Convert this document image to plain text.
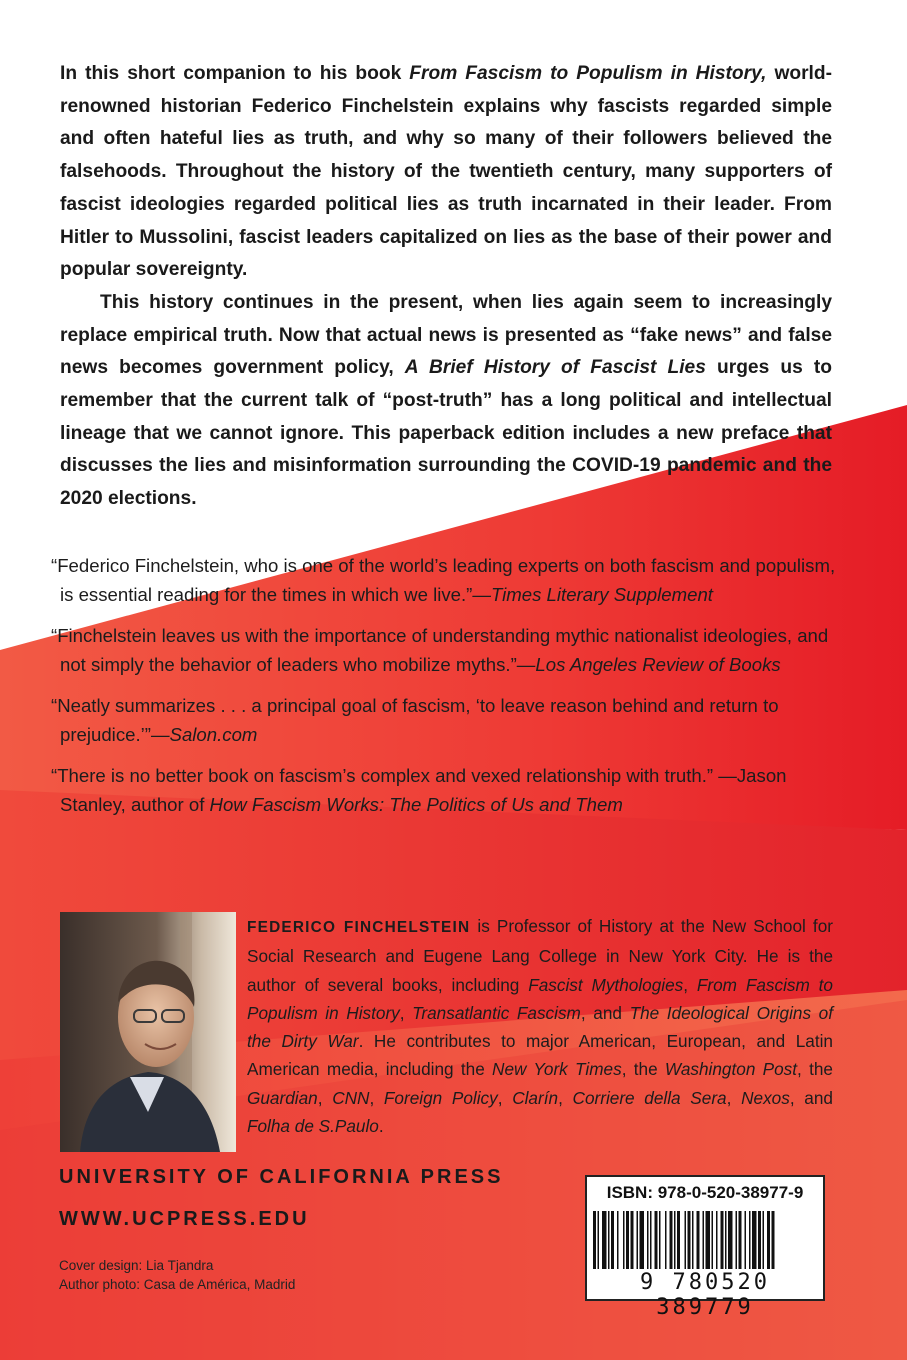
In this short companion to his book From Fascism to Populism in History, world-renowned historian Federico Finchelstein explains why fascists regarded simple and often hateful lies as truth, and why so many of their followers believed the falsehoods. Throughout the history of the twentieth century, many supporters of fascist ideologies regarded political lies as truth incarnated in their leader. From Hitler to Mussolini, fascist leaders capitalized on lies as the base of their power and popular sovereignty.

This history continues in the present, when lies again seem to increasingly replace empirical truth. Now that actual news is presented as “fake news” and false news becomes government policy, A Brief History of Fascist Lies urges us to remember that the current talk of “post-truth” has a long political and intellectual lineage that we cannot ignore. This paperback edition includes a new preface that discusses the lies and misinformation surrounding the COVID-19 pandemic and the 2020 elections.

“Federico Finchelstein, who is one of the world’s leading experts on both fascism and populism, is essential reading for the times in which we live.”—Times Literary Supplement

“Finchelstein leaves us with the importance of understanding mythic nationalist ideologies, and not simply the behavior of leaders who mobilize myths.”—Los Angeles Review of Books

“Neatly summarizes . . . a principal goal of fascism, ‘to leave reason behind and return to prejudice.’”—Salon.com

“There is no better book on fascism’s complex and vexed relationship with truth.” —Jason Stanley, author of How Fascism Works: The Politics of Us and Them

FEDERICO FINCHELSTEIN is Professor of History at the New School for Social Research and Eugene Lang College in New York City. He is the author of several books, including Fascist Mythologies, From Fascism to Populism in History, Transatlantic Fascism, and The Ideological Origins of the Dirty War. He contributes to major American, European, and Latin American media, including the New York Times, the Washington Post, the Guardian, CNN, Foreign Policy, Clarín, Corriere della Sera, Nexos, and Folha de S.Paulo.
UNIVERSITY OF CALIFORNIA PRESS
WWW.UCPRESS.EDU
Cover design: Lia Tjandra
Author photo: Casa de América, Madrid
ISBN: 978-0-520-38977-9
9 780520 389779
